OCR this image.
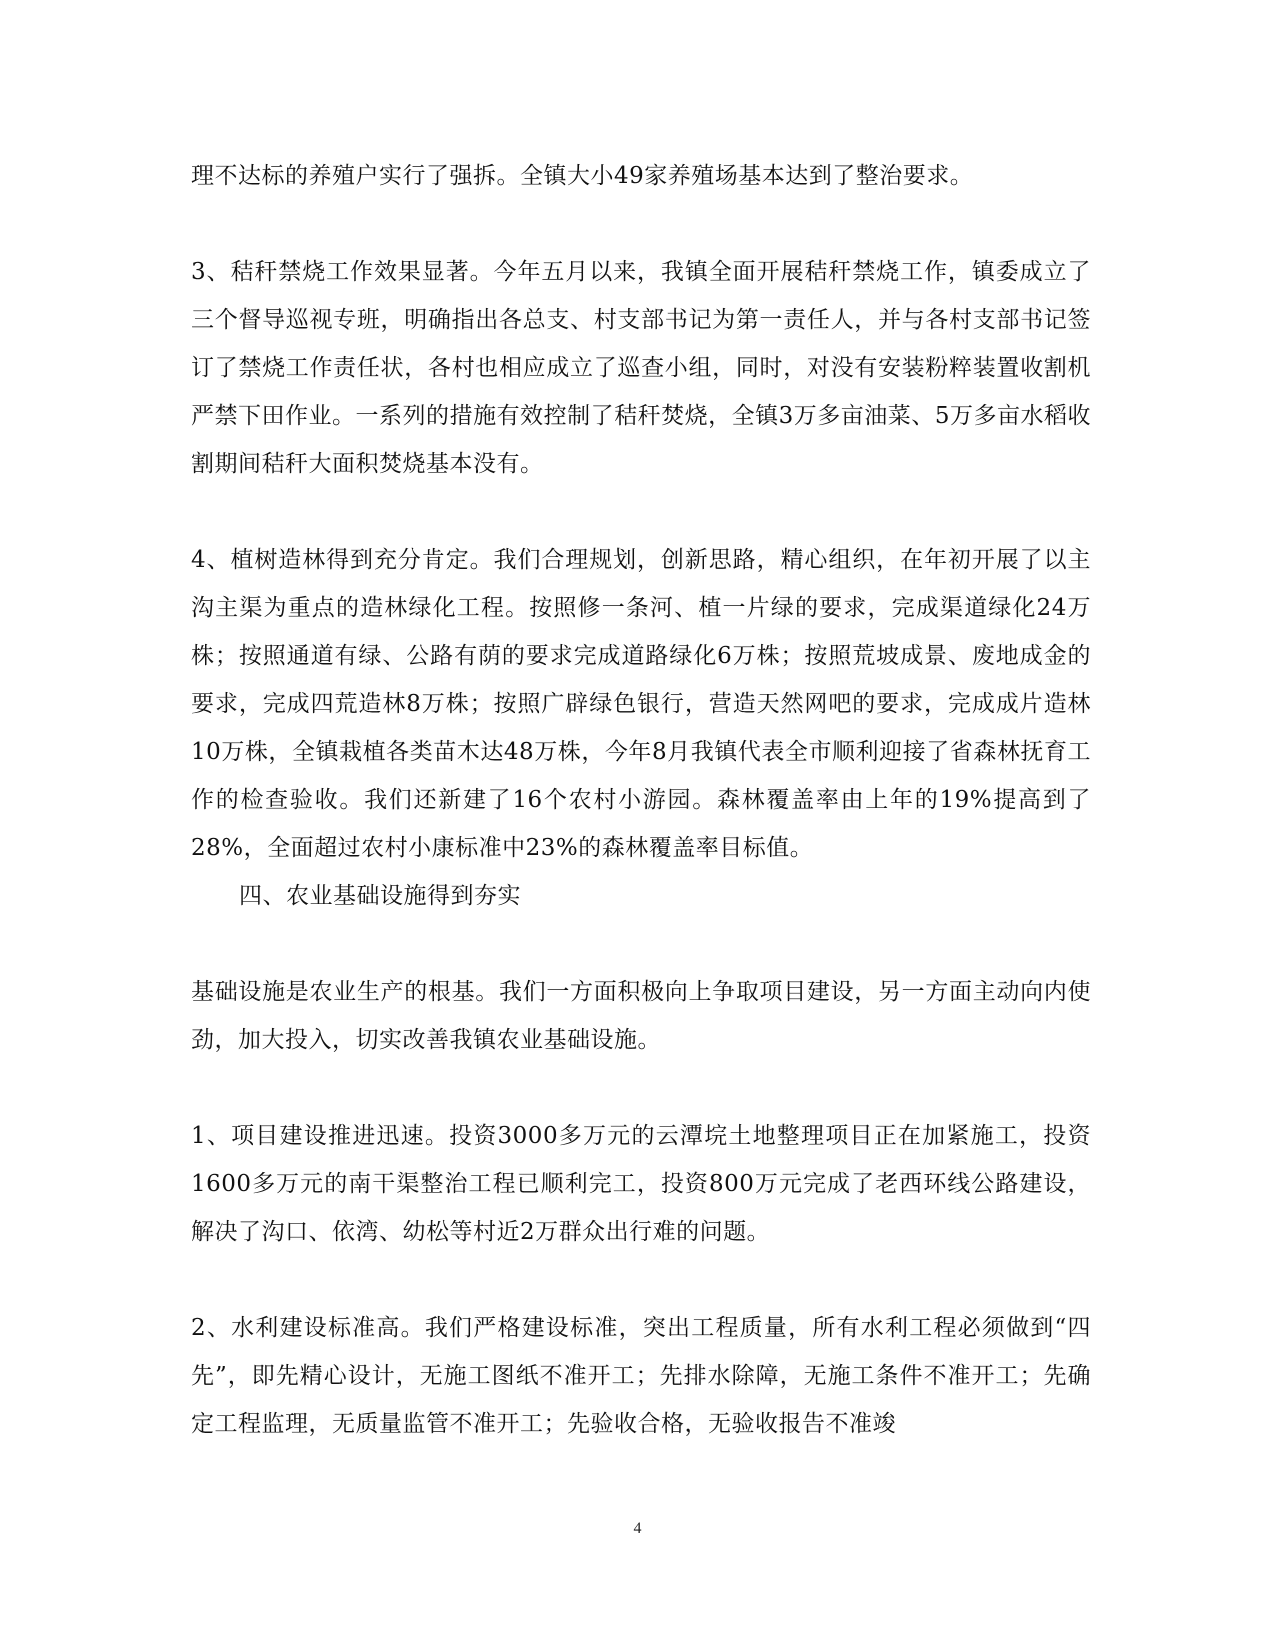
理不达标的养殖户实行了强拆。全镇大小49家养殖场基本达到了整治要求。

3、秸秆禁烧工作效果显著。今年五月以来，我镇全面开展秸秆禁烧工作，镇委成立了三个督导巡视专班，明确指出各总支、村支部书记为第一责任人，并与各村支部书记签订了禁烧工作责任状，各村也相应成立了巡查小组，同时，对没有安装粉粹装置收割机严禁下田作业。一系列的措施有效控制了秸秆焚烧，全镇3万多亩油菜、5万多亩水稻收割期间秸秆大面积焚烧基本没有。

4、植树造林得到充分肯定。我们合理规划，创新思路，精心组织，在年初开展了以主沟主渠为重点的造林绿化工程。按照修一条河、植一片绿的要求，完成渠道绿化24万株；按照通道有绿、公路有荫的要求完成道路绿化6万株；按照荒坡成景、废地成金的要求，完成四荒造林8万株；按照广辟绿色银行，营造天然网吧的要求，完成成片造林10万株，全镇栽植各类苗木达48万株，今年8月我镇代表全市顺利迎接了省森林抚育工作的检查验收。我们还新建了16个农村小游园。森林覆盖率由上年的19%提高到了28%，全面超过农村小康标准中23%的森林覆盖率目标值。

四、农业基础设施得到夯实

基础设施是农业生产的根基。我们一方面积极向上争取项目建设，另一方面主动向内使劲，加大投入，切实改善我镇农业基础设施。

1、项目建设推进迅速。投资3000多万元的云潭垸土地整理项目正在加紧施工，投资1600多万元的南干渠整治工程已顺利完工，投资800万元完成了老西环线公路建设，解决了沟口、依湾、幼松等村近2万群众出行难的问题。

2、水利建设标准高。我们严格建设标准，突出工程质量，所有水利工程必须做到“四先”，即先精心设计，无施工图纸不准开工；先排水除障，无施工条件不准开工；先确定工程监理，无质量监管不准开工；先验收合格，无验收报告不准竣

4
